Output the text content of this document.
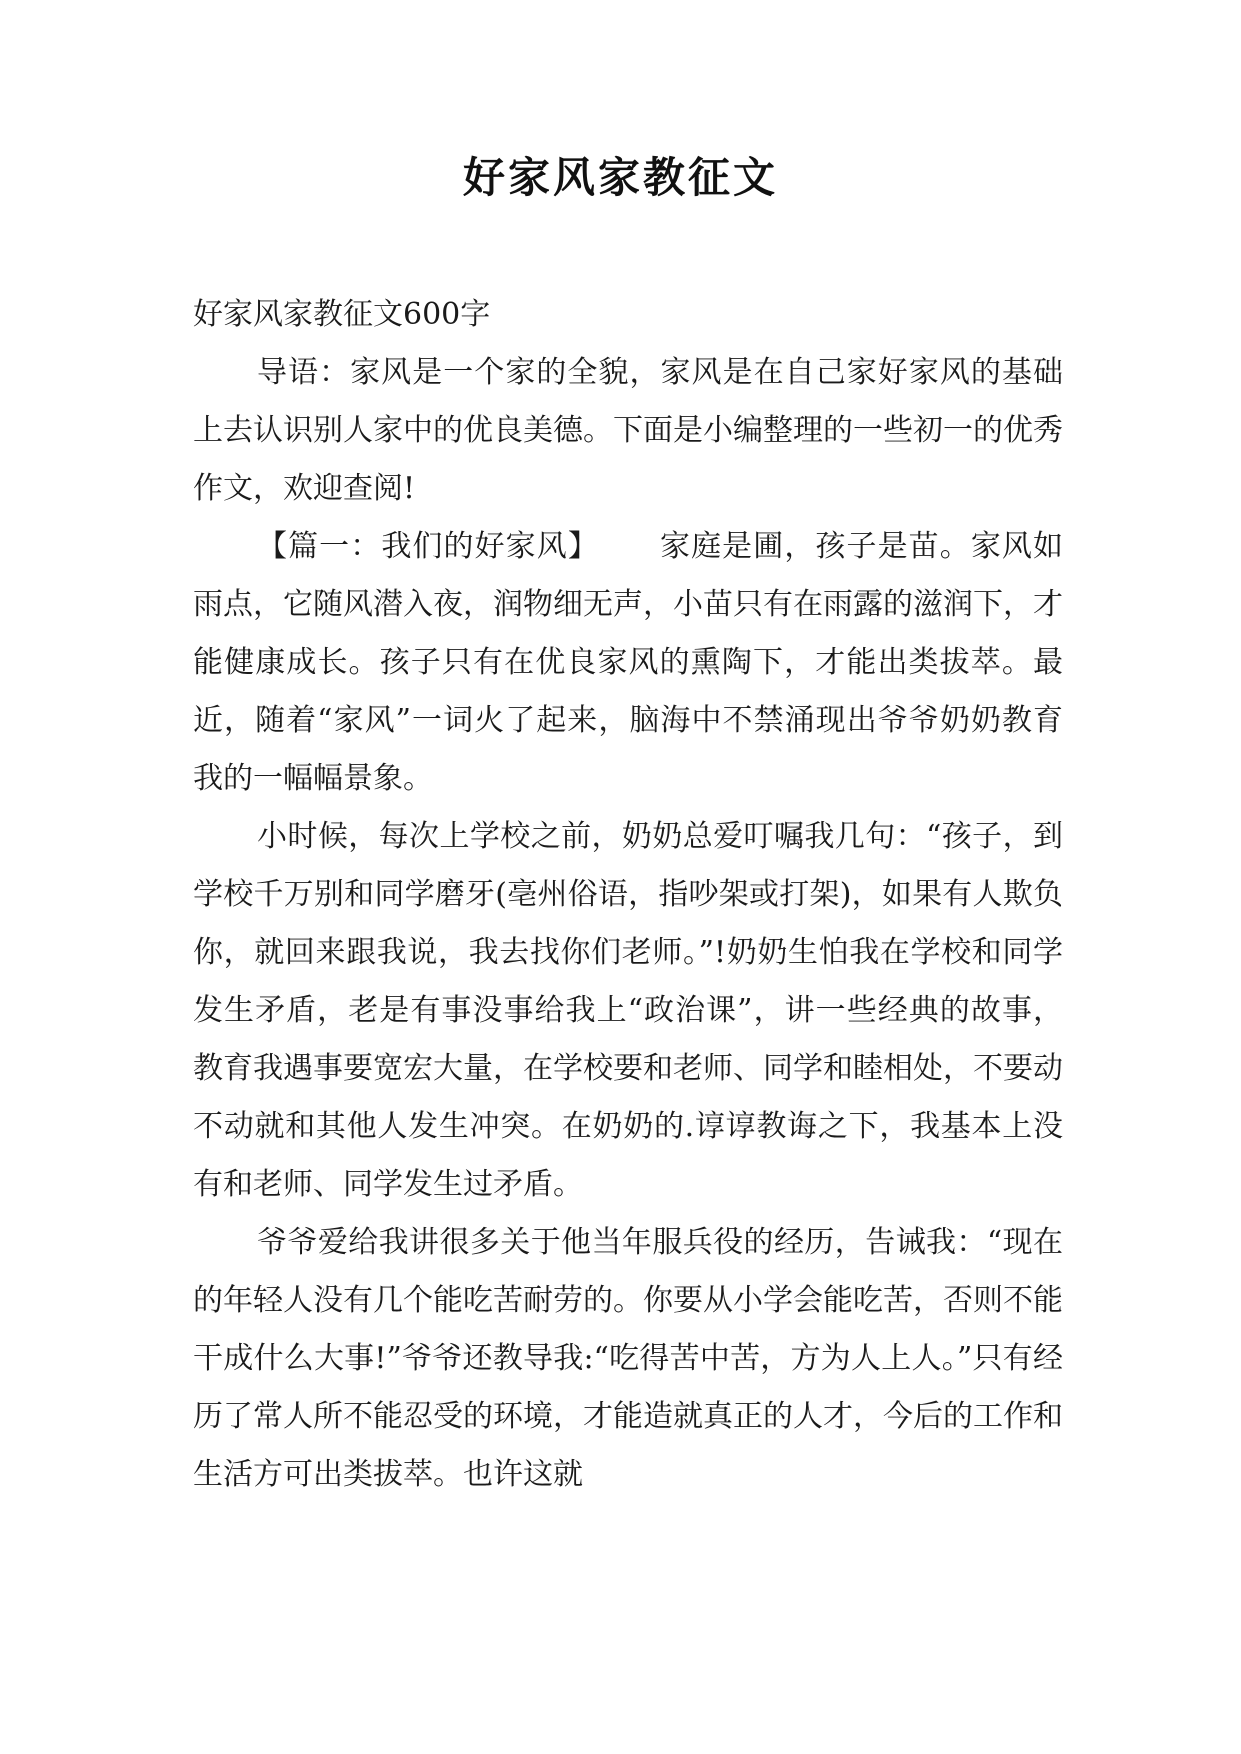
好家风家教征文

好家风家教征文600字

导语：家风是一个家的全貌，家风是在自己家好家风的基础上去认识别人家中的优良美德。下面是小编整理的一些初一的优秀作文，欢迎查阅!

【篇一：我们的好家风】 家庭是圃，孩子是苗。家风如雨点，它随风潜入夜，润物细无声，小苗只有在雨露的滋润下，才能健康成长。孩子只有在优良家风的熏陶下，才能出类拔萃。最近，随着“家风”一词火了起来，脑海中不禁涌现出爷爷奶奶教育我的一幅幅景象。

小时候，每次上学校之前，奶奶总爱叮嘱我几句：“孩子，到学校千万别和同学磨牙(亳州俗语，指吵架或打架)，如果有人欺负你，就回来跟我说，我去找你们老师。”!奶奶生怕我在学校和同学发生矛盾，老是有事没事给我上“政治课”，讲一些经典的故事，教育我遇事要宽宏大量，在学校要和老师、同学和睦相处，不要动不动就和其他人发生冲突。在奶奶的.谆谆教诲之下，我基本上没有和老师、同学发生过矛盾。

爷爷爱给我讲很多关于他当年服兵役的经历，告诫我：“现在的年轻人没有几个能吃苦耐劳的。你要从小学会能吃苦，否则不能干成什么大事!”爷爷还教导我:“吃得苦中苦，方为人上人。”只有经历了常人所不能忍受的环境，才能造就真正的人才，今后的工作和生活方可出类拔萃。也许这就
